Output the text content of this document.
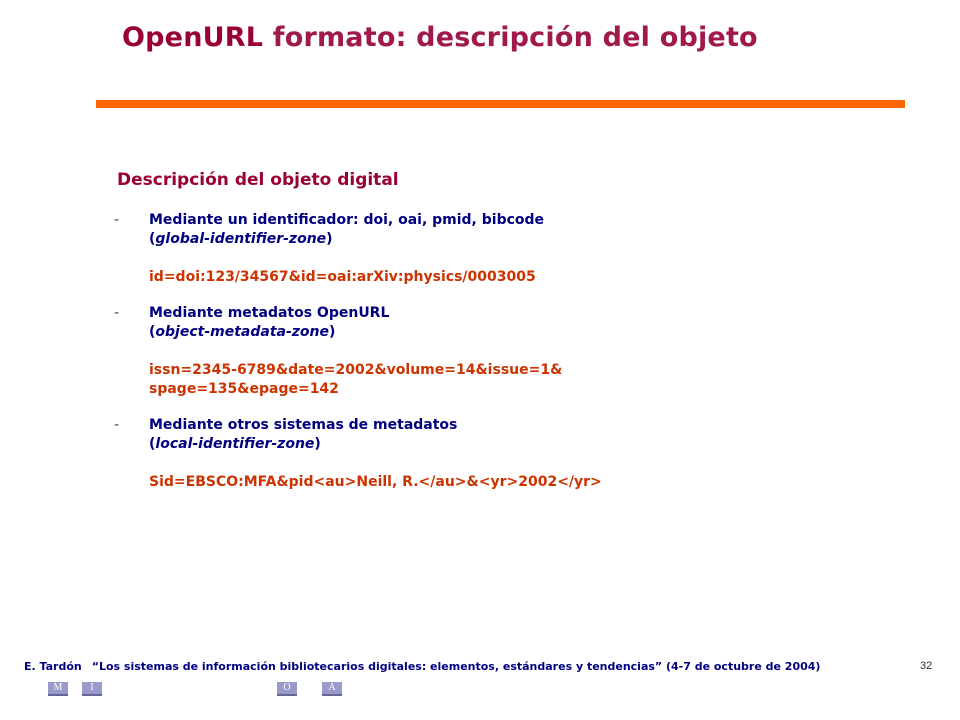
OpenURL formato: descripción del objeto
Descripción del objeto digital
- Mediante un identificador: doi, oai, pmid, bibcode
(global-identifier-zone)
id=doi:123/34567&id=oai:arXiv:physics/0003005
- Mediante metadatos OpenURL
(object-metadata-zone)
issn=2345-6789&date=2002&volume=14&issue=1&
spage=135&epage=142
- Mediante otros sistemas de metadatos
(local-identifier-zone)
Sid=EBSCO:MFA&pid<au>Neill, R.</au>&<yr>2002</yr>

E. Tardón “Los sistemas de información bibliotecarios digitales: elementos, estándares y tendencias” (4-7 de octubre de 2004)	32
M	I	O	A
